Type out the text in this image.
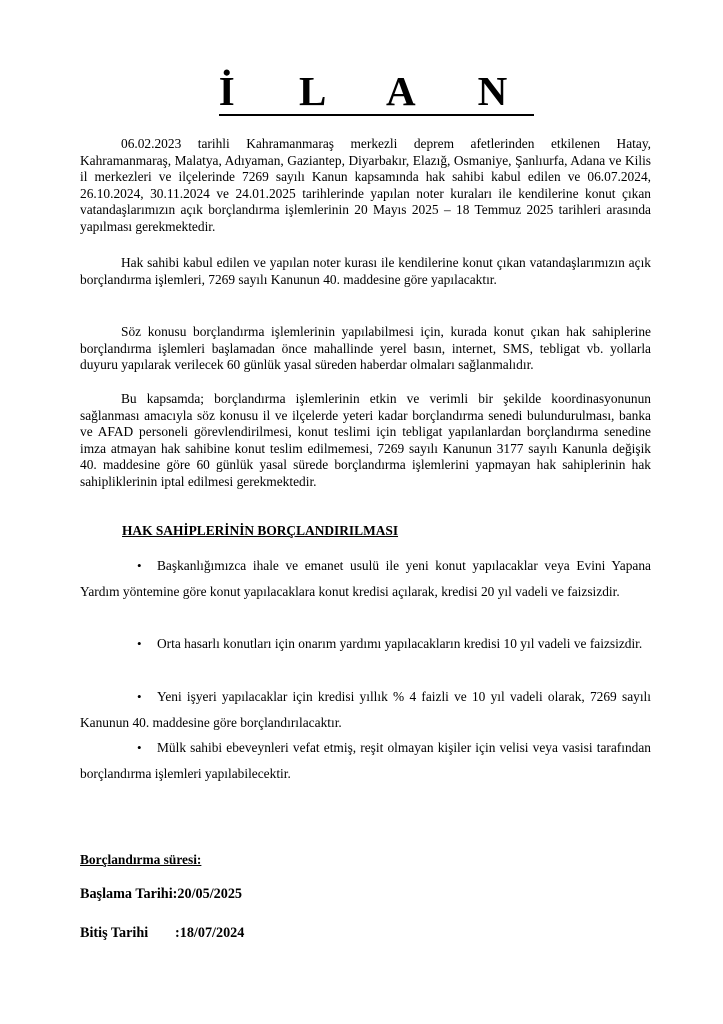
İ L A N

06.02.2023 tarihli Kahramanmaraş merkezli deprem afetlerinden etkilenen Hatay, Kahramanmaraş, Malatya, Adıyaman, Gaziantep, Diyarbakır, Elazığ, Osmaniye, Şanlıurfa, Adana ve Kilis il merkezleri ve ilçelerinde 7269 sayılı Kanun kapsamında hak sahibi kabul edilen ve 06.07.2024, 26.10.2024, 30.11.2024 ve 24.01.2025 tarihlerinde yapılan noter kuraları ile kendilerine konut çıkan vatandaşlarımızın açık borçlandırma işlemlerinin 20 Mayıs 2025 – 18 Temmuz 2025 tarihleri arasında yapılması gerekmektedir.

Hak sahibi kabul edilen ve yapılan noter kurası ile kendilerine konut çıkan vatandaşlarımızın açık borçlandırma işlemleri, 7269 sayılı Kanunun 40. maddesine göre yapılacaktır.

Söz konusu borçlandırma işlemlerinin yapılabilmesi için, kurada konut çıkan hak sahiplerine borçlandırma işlemleri başlamadan önce mahallinde yerel basın, internet, SMS, tebligat vb. yollarla duyuru yapılarak verilecek 60 günlük yasal süreden haberdar olmaları sağlanmalıdır.

Bu kapsamda; borçlandırma işlemlerinin etkin ve verimli bir şekilde koordinasyonunun sağlanması amacıyla söz konusu il ve ilçelerde yeteri kadar borçlandırma senedi bulundurulması, banka ve AFAD personeli görevlendirilmesi, konut teslimi için tebligat yapılanlardan borçlandırma senedine imza atmayan hak sahibine konut teslim edilmemesi, 7269 sayılı Kanunun 3177 sayılı Kanunla değişik 40. maddesine göre 60 günlük yasal sürede borçlandırma işlemlerini yapmayan hak sahiplerinin hak sahipliklerinin iptal edilmesi gerekmektedir.

HAK SAHİPLERİNİN BORÇLANDIRILMASI

• Başkanlığımızca ihale ve emanet usulü ile yeni konut yapılacaklar veya Evini Yapana Yardım yöntemine göre konut yapılacaklara konut kredisi açılarak, kredisi 20 yıl vadeli ve faizsizdir.

• Orta hasarlı konutları için onarım yardımı yapılacakların kredisi 10 yıl vadeli ve faizsizdir.

• Yeni işyeri yapılacaklar için kredisi yıllık % 4 faizli ve 10 yıl vadeli olarak, 7269 sayılı Kanunun 40. maddesine göre borçlandırılacaktır.

• Mülk sahibi ebeveynleri vefat etmiş, reşit olmayan kişiler için velisi veya vasisi tarafından borçlandırma işlemleri yapılabilecektir.

Borçlandırma süresi:

Başlama Tarihi:20/05/2025

Bitiş Tarihi :18/07/2024
